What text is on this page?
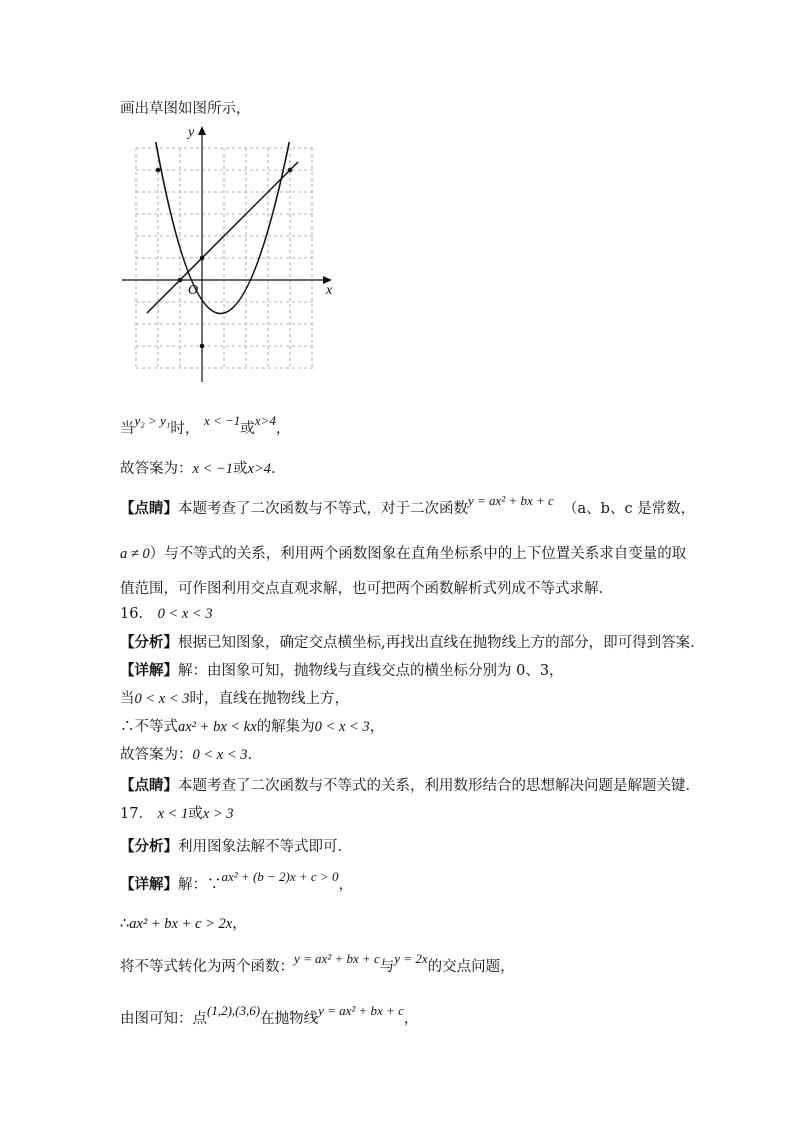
画出草图如图所示，
y
x
O
当y₂ > y₁时， x < −1或x>4，
故答案为：x < −1或x>4．
【点睛】本题考查了二次函数与不等式，对于二次函数y = ax² + bx + c  （a、b、c 是常数，
a ≠ 0）与不等式的关系，利用两个函数图象在直角坐标系中的上下位置关系求自变量的取
值范围，可作图利用交点直观求解，也可把两个函数解析式列成不等式求解．
16． 0 < x < 3
【分析】根据已知图象，确定交点横坐标,再找出直线在抛物线上方的部分，即可得到答案．
【详解】解：由图象可知，抛物线与直线交点的横坐标分别为 0、3，
当0 < x < 3时，直线在抛物线上方，
∴不等式ax² + bx < kx的解集为0 < x < 3，
故答案为：0 < x < 3．
【点睛】本题考查了二次函数与不等式的关系，利用数形结合的思想解决问题是解题关键．
17． x < 1或x > 3
【分析】利用图象法解不等式即可．
【详解】解：∵ax² + (b − 2)x + c > 0，
∴ax² + bx + c > 2x，
将不等式转化为两个函数：y = ax² + bx + c与y = 2x的交点问题，
由图可知：点(1,2),(3,6)在抛物线y = ax² + bx + c，
